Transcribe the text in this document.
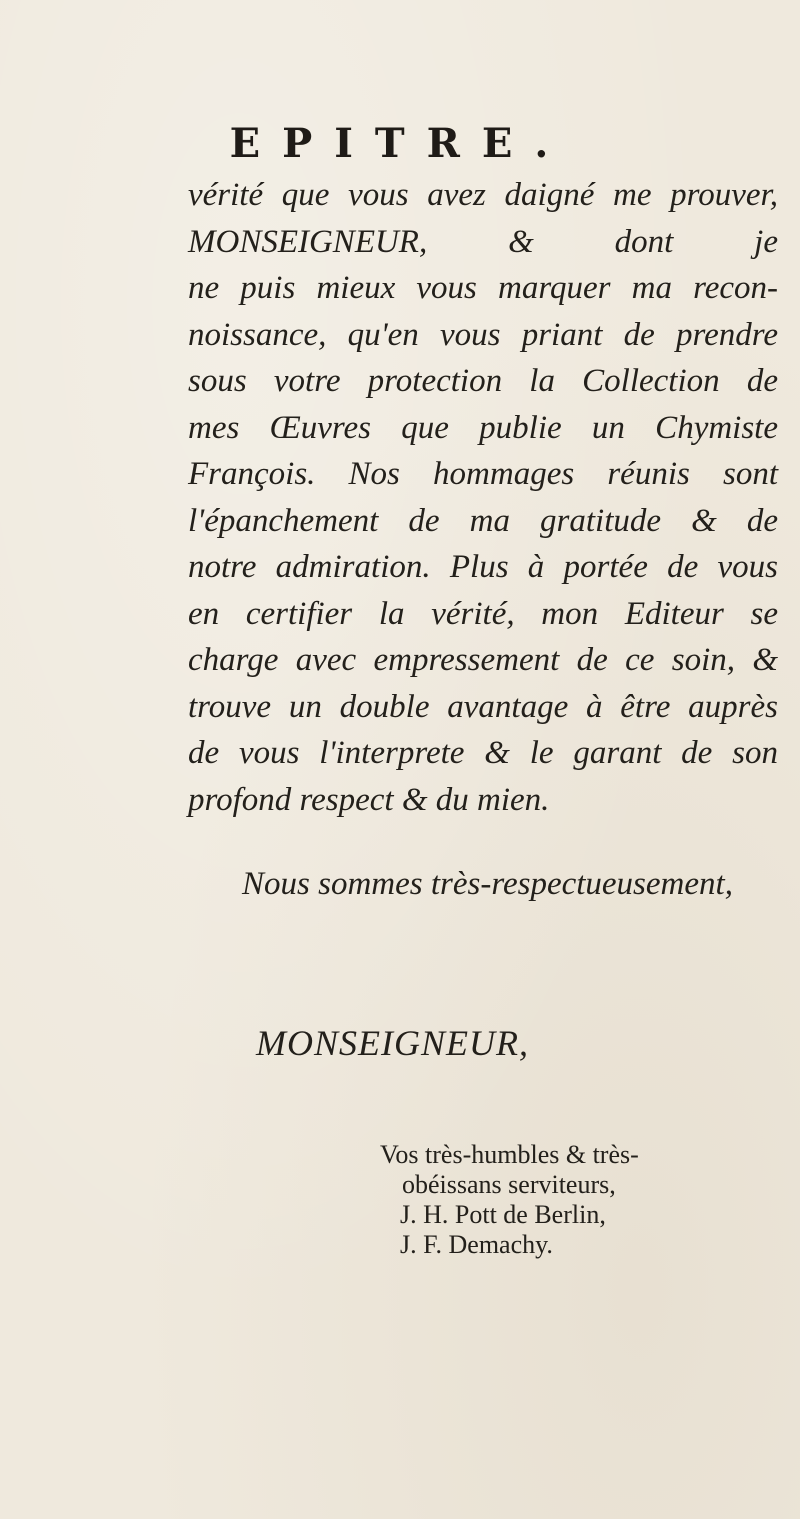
EPITRE.
vérité que vous avez daigné me prouver,
MONSEIGNEUR, & dont je
ne puis mieux vous marquer ma recon-
noissance, qu'en vous priant de prendre
sous votre protection la Collection de
mes Œuvres que publie un Chymiste
François. Nos hommages réunis sont
l'épanchement de ma gratitude & de
notre admiration. Plus à portée de vous
en certifier la vérité, mon Editeur se
charge avec empressement de ce soin, &
trouve un double avantage à être auprès
de vous l'interprete & le garant de son
profond respect & du mien.
Nous sommes très-respectueusement,
MONSEIGNEUR,
Vos très-humbles & très-
obéissans serviteurs,
J. H. Pott de Berlin,
J. F. Demachy.
